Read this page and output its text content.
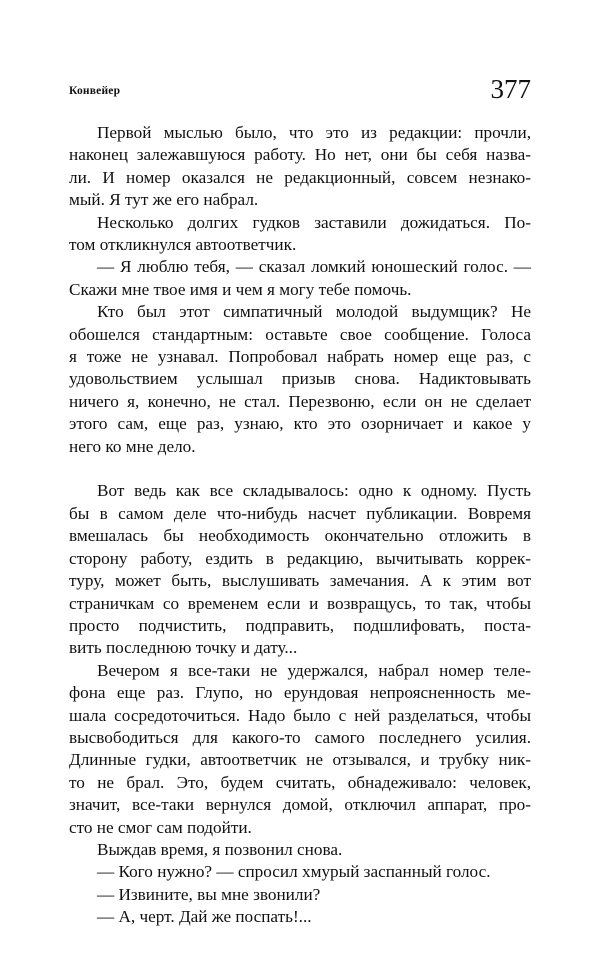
Конвейер	377

Первой мыслью было, что это из редакции: прочли,
наконец залежавшуюся работу. Но нет, они бы себя назва-
ли. И номер оказался не редакционный, совсем незнако-
мый. Я тут же его набрал.

Несколько долгих гудков заставили дожидаться. По-
том откликнулся автоответчик.

— Я люблю тебя, — сказал ломкий юношеский голос. —
Скажи мне твое имя и чем я могу тебе помочь.

Кто был этот симпатичный молодой выдумщик? Не
обошелся стандартным: оставьте свое сообщение. Голоса
я тоже не узнавал. Попробовал набрать номер еще раз, с
удовольствием услышал призыв снова. Надиктовывать
ничего я, конечно, не стал. Перезвоню, если он не сделает
этого сам, еще раз, узнаю, кто это озорничает и какое у
него ко мне дело.

Вот ведь как все складывалось: одно к одному. Пусть
бы в самом деле что-нибудь насчет публикации. Вовремя
вмешалась бы необходимость окончательно отложить в
сторону работу, ездить в редакцию, вычитывать коррек-
туру, может быть, выслушивать замечания. А к этим вот
страничкам со временем если и возвращусь, то так, чтобы
просто подчистить, подправить, подшлифовать, поста-
вить последнюю точку и дату...

Вечером я все-таки не удержался, набрал номер теле-
фона еще раз. Глупо, но ерундовая непроясненность ме-
шала сосредоточиться. Надо было с ней разделаться, чтобы
высвободиться для какого-то самого последнего усилия.
Длинные гудки, автоответчик не отзывался, и трубку ник-
то не брал. Это, будем считать, обнадеживало: человек,
значит, все-таки вернулся домой, отключил аппарат, про-
сто не смог сам подойти.

Выждав время, я позвонил снова.

— Кого нужно? — спросил хмурый заспанный голос.

— Извините, вы мне звонили?

— А, черт. Дай же поспать!...
